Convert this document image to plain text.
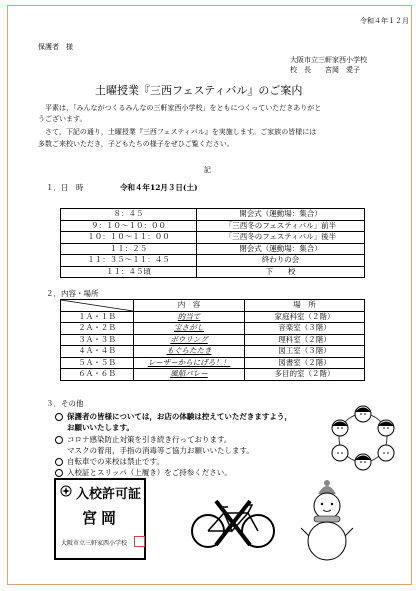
令和４年１２月
保護者　様
大阪市立三軒家西小学校
校　長　　宮岡　愛子
土曜授業『三西フェスティバル』のご案内
　平素は，「みんながつくるみんなの三軒家西小学校」をともにつくっていただきありがと
うございます。
　さて，下記の通り，土曜授業『三西フェスティバル』を実施します。ご家族の皆様には
多数ご来校いただき，子どもたちの様子をぜひご覧ください。
記
１．日　時	令和４年12月３日(土)
８：４５	開会式（運動場：集合）
９：１０～１０：００	「三西冬のフェスティバル」前半
１０：１０～１１：００	「三西冬のフェスティバル」後半
１１：２５	閉会式（運動場：集合）
１１：３５～１１：４５	終わりの会
１１：４５頃	下　　校
２．内容・場所
	内　容	場　所
１Ａ・１Ｂ	的当て	家庭科室（２階）
２Ａ・２Ｂ	宝さがし	音楽室（３階）
３Ａ・３Ｂ	ボウリング	理科室（２階）
４Ａ・４Ｂ	もぐらたたき	図工室（３階）
５Ａ・５Ｂ	レーザーからにげろ！！	図書室（２階）
６Ａ・６Ｂ	風船バレー	多目的室（２階）
３．その他
保護者の皆様については，お店の体験は控えていただきますよう，
お願いいたします。
コロナ感染防止対策を引き続き行っております。
マスクの着用，手指の消毒等ご協力お願いいたします。
自転車での来校は禁止です。
入校証とスリッパ（上履き）をご持参ください。
入校許可証
宮岡
大阪市立三軒家西小学校
